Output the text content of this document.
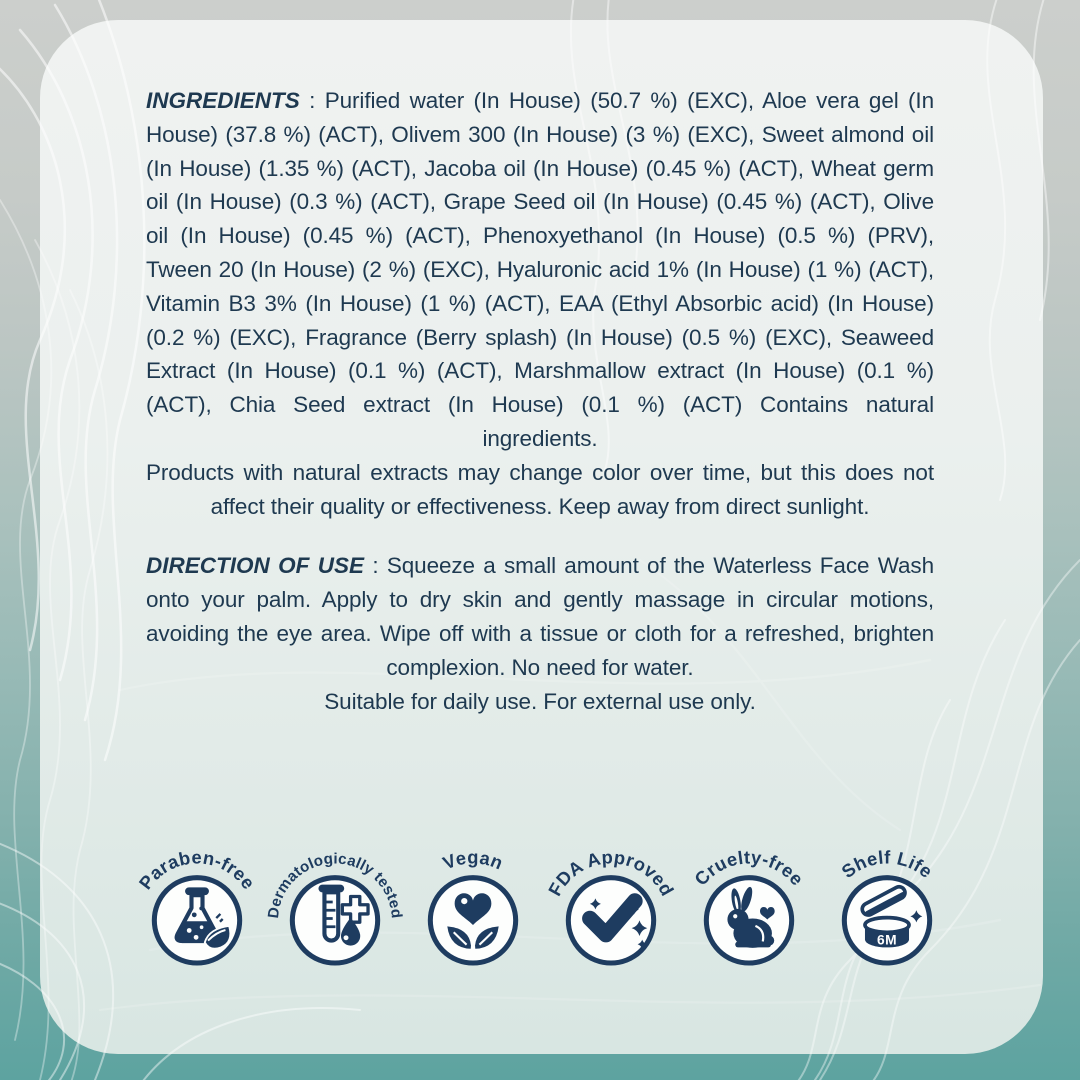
INGREDIENTS : Purified water (In House) (50.7 %) (EXC), Aloe vera gel (In House) (37.8 %) (ACT), Olivem 300 (In House) (3 %) (EXC), Sweet almond oil (In House) (1.35 %) (ACT), Jacoba oil (In House) (0.45 %) (ACT), Wheat germ oil (In House) (0.3 %) (ACT), Grape Seed oil (In House) (0.45 %) (ACT), Olive oil (In House) (0.45 %) (ACT), Phenoxyethanol (In House) (0.5 %) (PRV), Tween 20 (In House) (2 %) (EXC), Hyaluronic acid 1% (In House) (1 %) (ACT), Vitamin B3 3% (In House) (1 %) (ACT), EAA (Ethyl Absorbic acid) (In House) (0.2 %) (EXC), Fragrance (Berry splash) (In House) (0.5 %) (EXC), Seaweed Extract (In House) (0.1 %) (ACT), Marshmallow extract (In House) (0.1 %) (ACT), Chia Seed extract (In House) (0.1 %) (ACT) Contains natural ingredients.

Products with natural extracts may change color over time, but this does not affect their quality or effectiveness. Keep away from direct sunlight.

DIRECTION OF USE : Squeeze a small amount of the Waterless Face Wash onto your palm. Apply to dry skin and gently massage in circular motions, avoiding the eye area. Wipe off with a tissue or cloth for a refreshed, brighten complexion. No need for water.

Suitable for daily use. For external use only.

Paraben-free
Dermatologically tested
Vegan
FDA Approved Cruelty-free Shelf Life
6M
